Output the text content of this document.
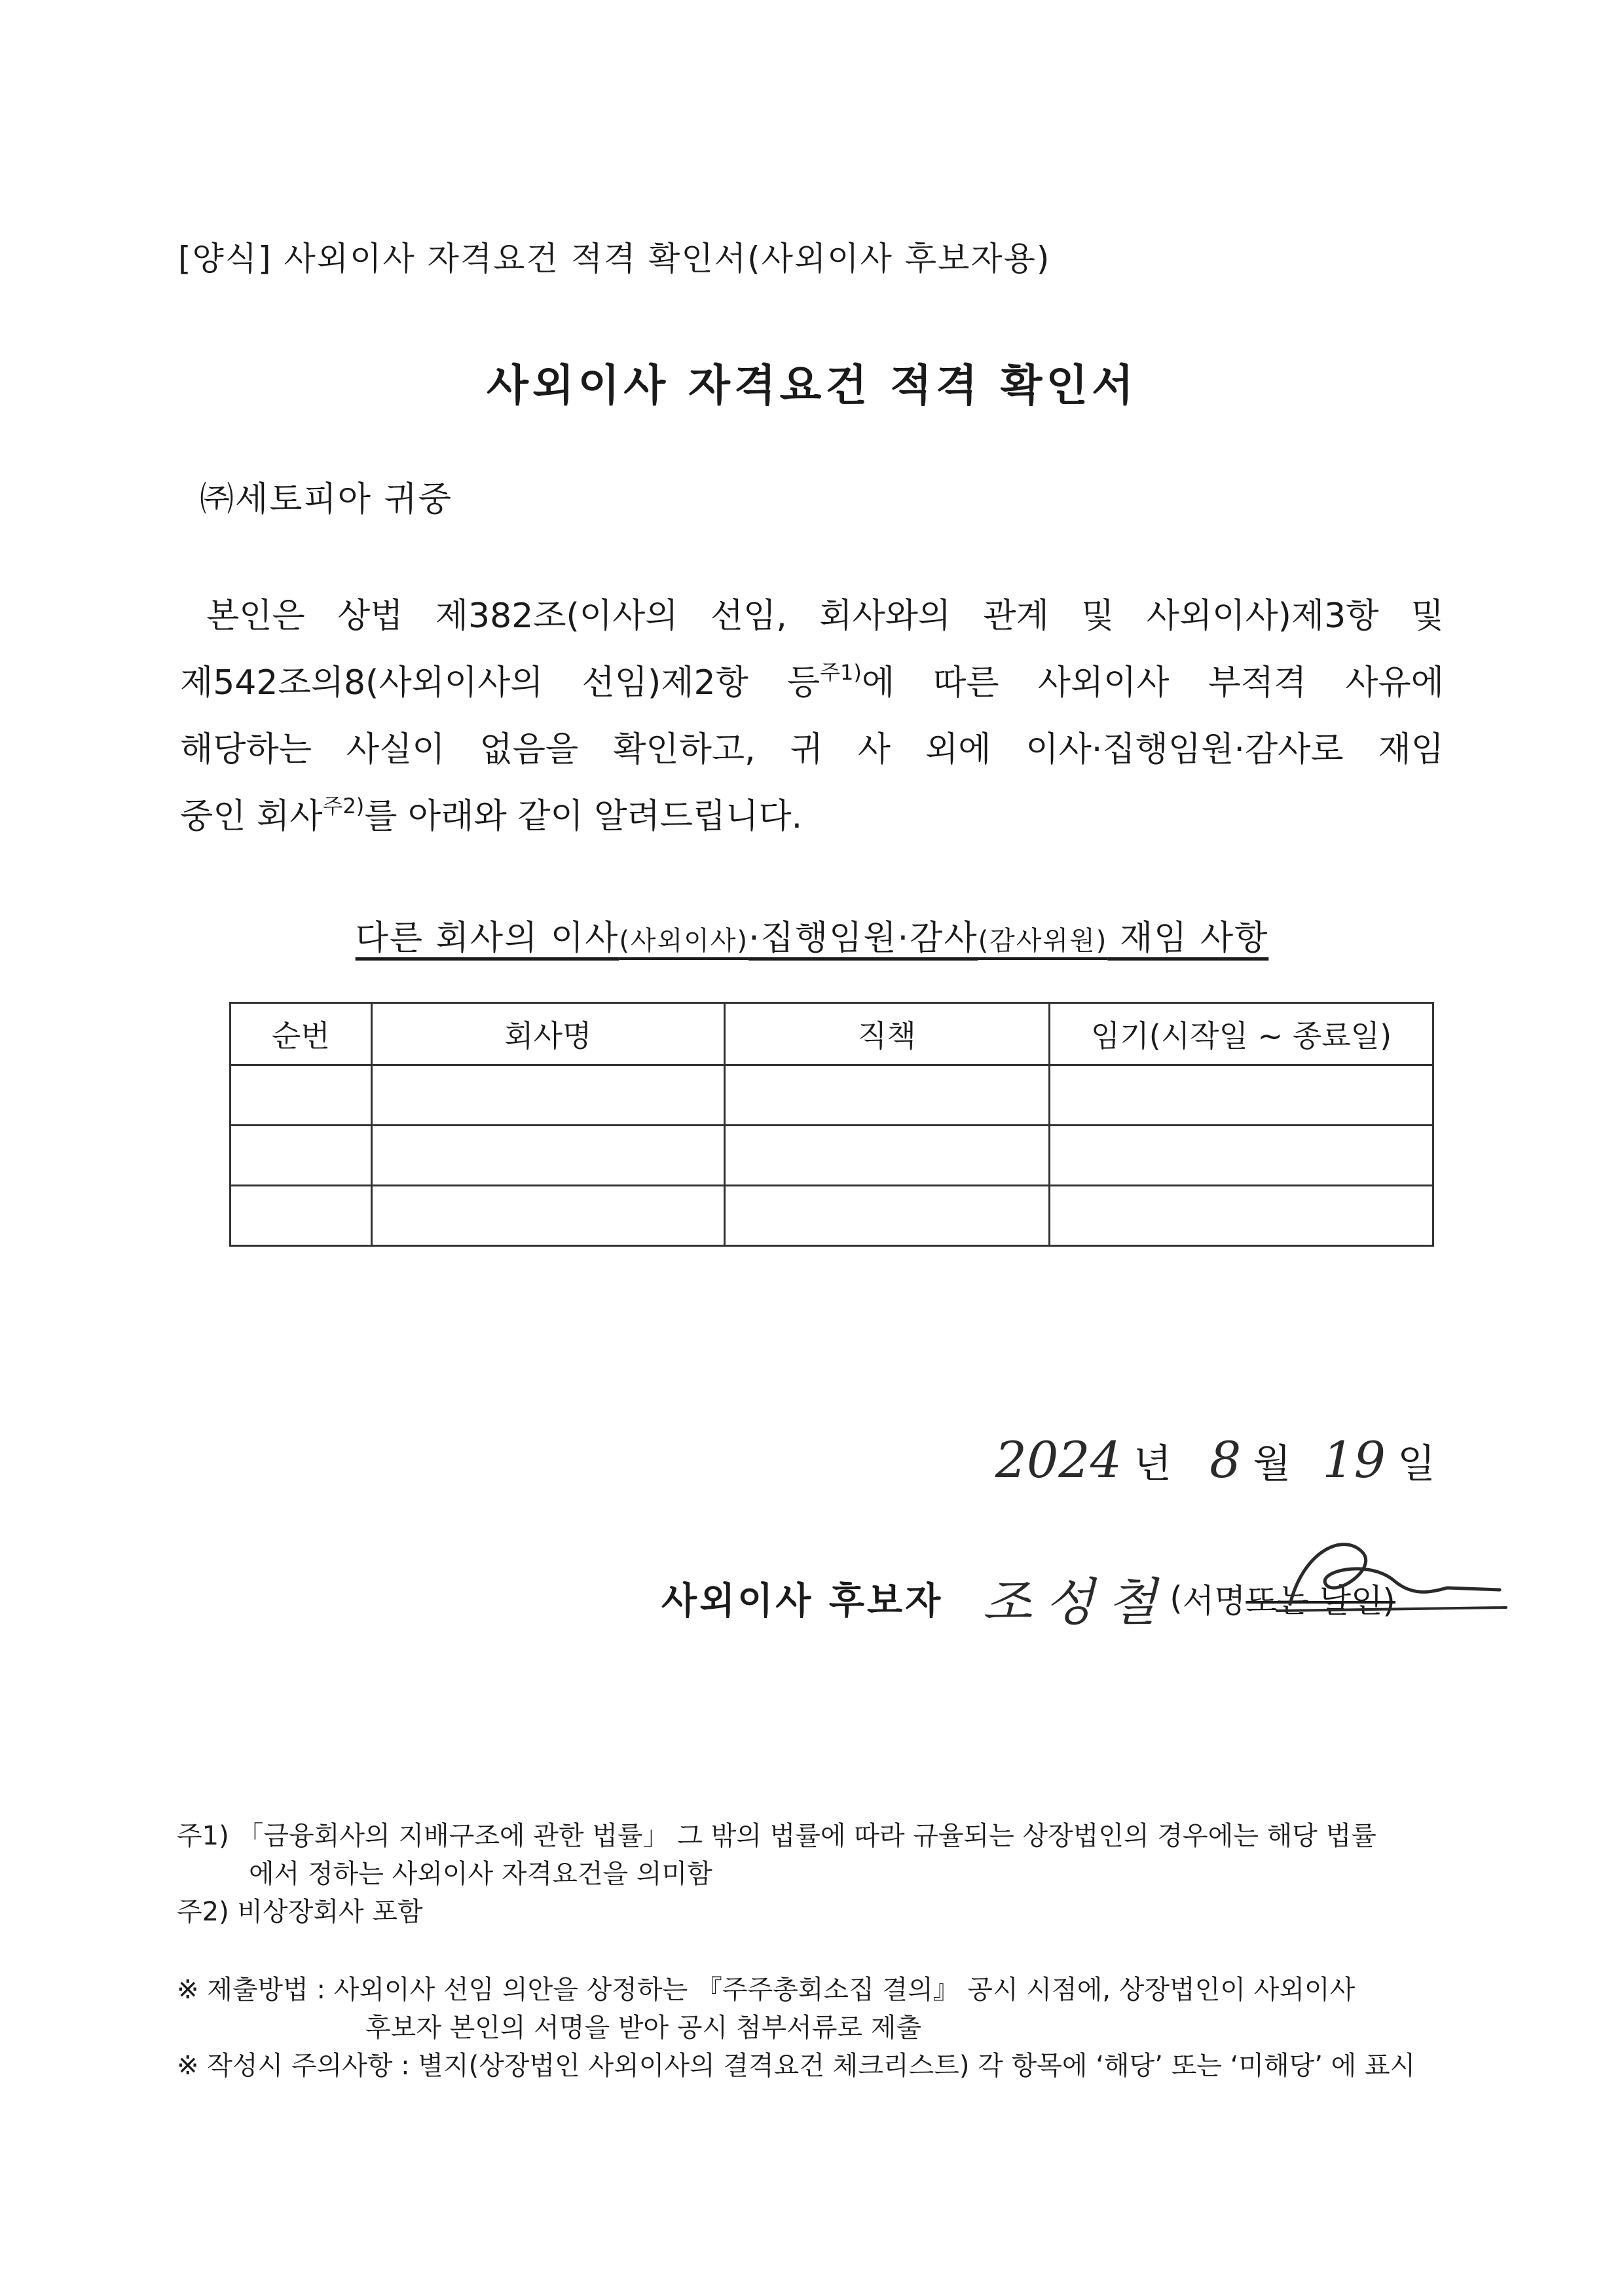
[양식] 사외이사 자격요건 적격 확인서(사외이사 후보자용)
사외이사 자격요건 적격 확인서
㈜세토피아 귀중
본인은 상법 제382조(이사의 선임, 회사와의 관계 및 사외이사)제3항 및
제542조의8(사외이사의 선임)제2항 등$^{주1)}$에 따른 사외이사 부적격 사유에
해당하는 사실이 없음을 확인하고, 귀 사 외에 이사·집행임원·감사로 재임
중인 회사$^{주2)}$를 아래와 같이 알려드립니다.
다른 회사의 이사(사외이사)·집행임원·감사(감사위원) 재임 사항
순번	회사명	직책	임기(시작일 ~ 종료일)

2024 년 8 월 19 일
사외이사 후보자 조성철 ( 서명 또는 날인)
주1) 「금융회사의 지배구조에 관한 법률」 그 밖의 법률에 따라 규율되는 상장법인의 경우에는 해당 법률
에서 정하는 사외이사 자격요건을 의미함
주2) 비상장회사 포함
※ 제출방법 : 사외이사 선임 의안을 상정하는 『주주총회소집 결의』 공시 시점에, 상장법인이 사외이사
후보자 본인의 서명을 받아 공시 첨부서류로 제출
※ 작성시 주의사항 : 별지(상장법인 사외이사의 결격요건 체크리스트) 각 항목에 ‘해당’ 또는 ‘미해당’ 에 표시
